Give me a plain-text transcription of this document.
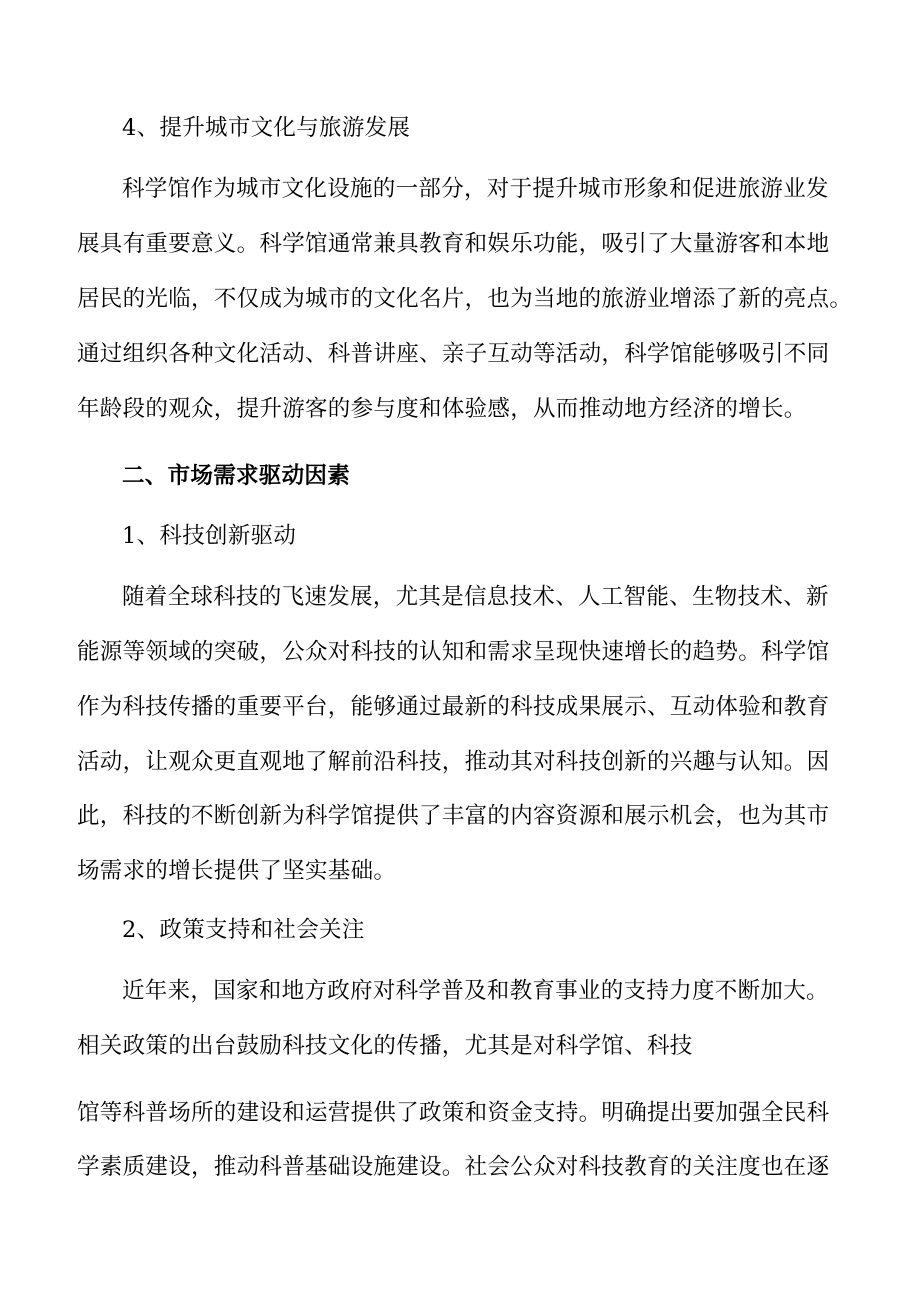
4、提升城市文化与旅游发展
科学馆作为城市文化设施的一部分，对于提升城市形象和促进旅游业发
展具有重要意义。科学馆通常兼具教育和娱乐功能，吸引了大量游客和本地
居民的光临，不仅成为城市的文化名片，也为当地的旅游业增添了新的亮点。
通过组织各种文化活动、科普讲座、亲子互动等活动，科学馆能够吸引不同
年龄段的观众，提升游客的参与度和体验感，从而推动地方经济的增长。
二、市场需求驱动因素
1、科技创新驱动
随着全球科技的飞速发展，尤其是信息技术、人工智能、生物技术、新
能源等领域的突破，公众对科技的认知和需求呈现快速增长的趋势。科学馆
作为科技传播的重要平台，能够通过最新的科技成果展示、互动体验和教育
活动，让观众更直观地了解前沿科技，推动其对科技创新的兴趣与认知。因
此，科技的不断创新为科学馆提供了丰富的内容资源和展示机会，也为其市
场需求的增长提供了坚实基础。
2、政策支持和社会关注
近年来，国家和地方政府对科学普及和教育事业的支持力度不断加大。
相关政策的出台鼓励科技文化的传播，尤其是对科学馆、科技
馆等科普场所的建设和运营提供了政策和资金支持。明确提出要加强全民科
学素质建设，推动科普基础设施建设。社会公众对科技教育的关注度也在逐
